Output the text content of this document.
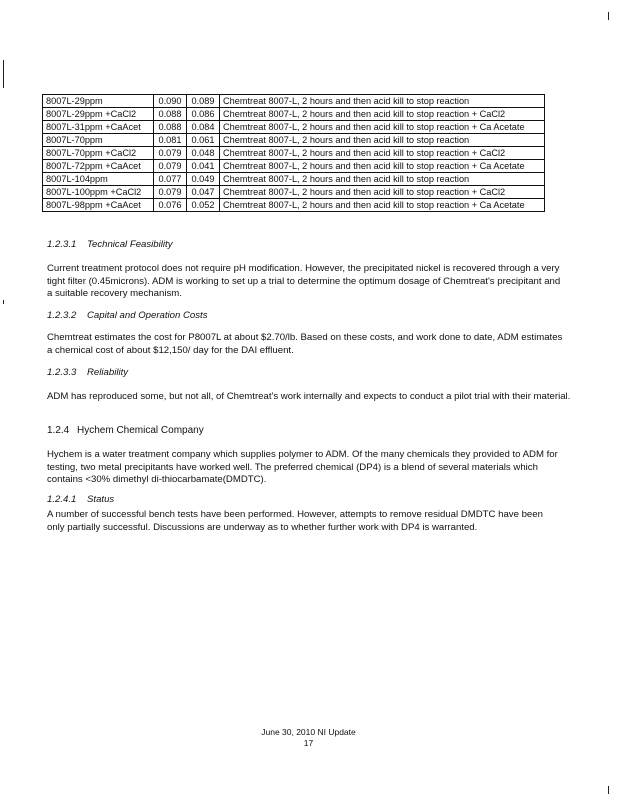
8007L-29ppm	0.090	0.089	Chemtreat 8007-L, 2 hours and then acid kill to stop reaction
8007L-29ppm +CaCl2	0.088	0.086	Chemtreat 8007-L, 2 hours and then acid kill to stop reaction + CaCl2
8007L-31ppm +CaAcet	0.088	0.084	Chemtreat 8007-L, 2 hours and then acid kill to stop reaction + Ca Acetate
8007L-70ppm	0.081	0.061	Chemtreat 8007-L, 2 hours and then acid kill to stop reaction
8007L-70ppm +CaCl2	0.079	0.048	Chemtreat 8007-L, 2 hours and then acid kill to stop reaction + CaCl2
8007L-72ppm +CaAcet	0.079	0.041	Chemtreat 8007-L, 2 hours and then acid kill to stop reaction + Ca Acetate
8007L-104ppm	0.077	0.049	Chemtreat 8007-L, 2 hours and then acid kill to stop reaction
8007L-100ppm +CaCl2	0.079	0.047	Chemtreat 8007-L, 2 hours and then acid kill to stop reaction + CaCl2
8007L-98ppm +CaAcet	0.076	0.052	Chemtreat 8007-L, 2 hours and then acid kill to stop reaction + Ca Acetate
1.2.3.1 Technical Feasibility

Current treatment protocol does not require pH modification. However, the precipitated nickel is recovered through a very tight filter (0.45microns). ADM is working to set up a trial to determine the optimum dosage of Chemtreat's precipitant and a suitable recovery mechanism.

1.2.3.2 Capital and Operation Costs

Chemtreat estimates the cost for P8007L at about $2.70/lb. Based on these costs, and work done to date, ADM estimates a chemical cost of about $12,150/ day for the DAI effluent.

1.2.3.3 Reliability

ADM has reproduced some, but not all, of Chemtreat's work internally and expects to conduct a pilot trial with their material.

1.2.4 Hychem Chemical Company

Hychem is a water treatment company which supplies polymer to ADM. Of the many chemicals they provided to ADM for testing, two metal precipitants have worked well. The preferred chemical (DP4) is a blend of several materials which contains <30% dimethyl di-thiocarbamate(DMDTC).

1.2.4.1 Status

A number of successful bench tests have been performed. However, attempts to remove residual DMDTC have been only partially successful. Discussions are underway as to whether further work with DP4 is warranted.

June 30, 2010 NI Update
17
